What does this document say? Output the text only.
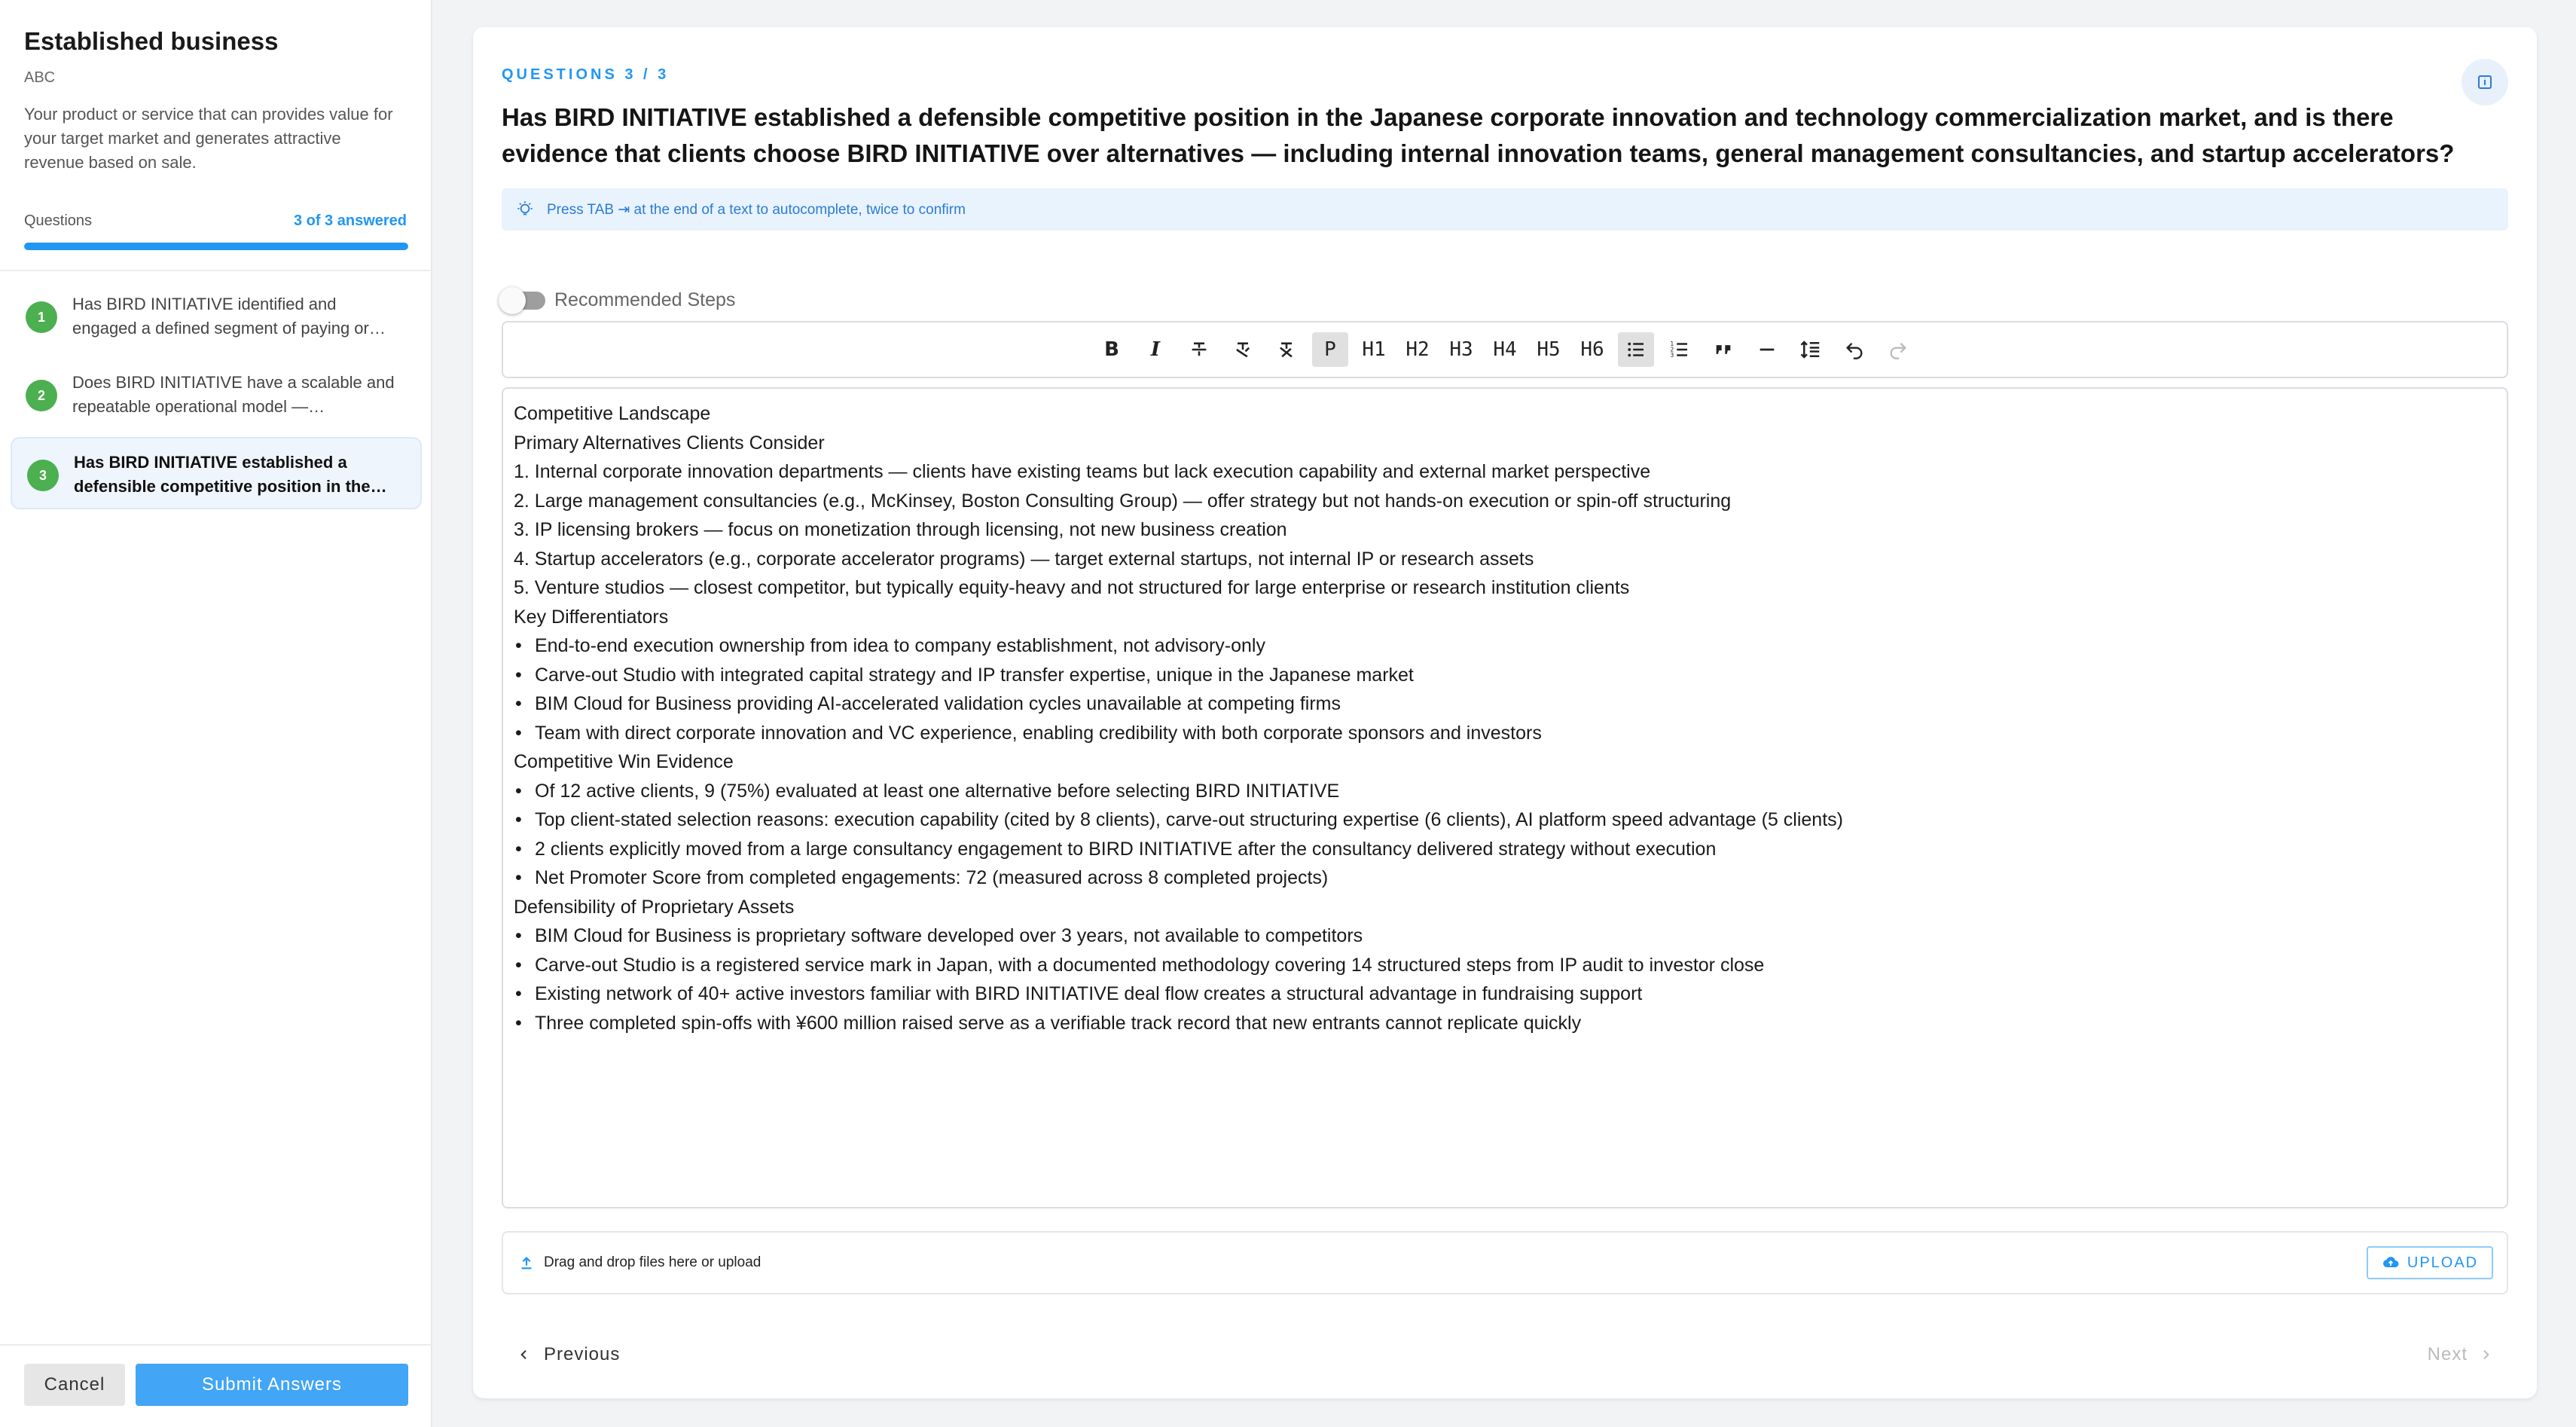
Established business
ABC
Your product or service that can provides value for your target market and generates attractive revenue based on sale.
Questions	3 of 3 answered
1
Has BIRD INITIATIVE identified and engaged a defined segment of paying or…
2
Does BIRD INITIATIVE have a scalable and repeatable operational model —…
3
Has BIRD INITIATIVE established a defensible competitive position in the…
Cancel	Submit Answers
QUESTIONS 3 / 3
Has BIRD INITIATIVE established a defensible competitive position in the Japanese corporate innovation and technology commercialization market, and is there evidence that clients choose BIRD INITIATIVE over alternatives — including internal innovation teams, general management consultancies, and startup accelerators?
Press TAB ⇥ at the end of a text to autocomplete, twice to confirm
Recommended Steps
B	I	P	H1	H2	H3	H4	H5	H6	1
2
3
Competitive Landscape
Primary Alternatives Clients Consider
1. Internal corporate innovation departments — clients have existing teams but lack execution capability and external market perspective
2. Large management consultancies (e.g., McKinsey, Boston Consulting Group) — offer strategy but not hands-on execution or spin-off structuring
3. IP licensing brokers — focus on monetization through licensing, not new business creation
4. Startup accelerators (e.g., corporate accelerator programs) — target external startups, not internal IP or research assets
5. Venture studios — closest competitor, but typically equity-heavy and not structured for large enterprise or research institution clients
Key Differentiators
• End-to-end execution ownership from idea to company establishment, not advisory-only
• Carve-out Studio with integrated capital strategy and IP transfer expertise, unique in the Japanese market
• BIM Cloud for Business providing AI-accelerated validation cycles unavailable at competing firms
• Team with direct corporate innovation and VC experience, enabling credibility with both corporate sponsors and investors
Competitive Win Evidence
• Of 12 active clients, 9 (75%) evaluated at least one alternative before selecting BIRD INITIATIVE
• Top client-stated selection reasons: execution capability (cited by 8 clients), carve-out structuring expertise (6 clients), AI platform speed advantage (5 clients)
• 2 clients explicitly moved from a large consultancy engagement to BIRD INITIATIVE after the consultancy delivered strategy without execution
• Net Promoter Score from completed engagements: 72 (measured across 8 completed projects)
Defensibility of Proprietary Assets
• BIM Cloud for Business is proprietary software developed over 3 years, not available to competitors
• Carve-out Studio is a registered service mark in Japan, with a documented methodology covering 14 structured steps from IP audit to investor close
• Existing network of 40+ active investors familiar with BIRD INITIATIVE deal flow creates a structural advantage in fundraising support
• Three completed spin-offs with ¥600 million raised serve as a verifiable track record that new entrants cannot replicate quickly
Drag and drop files here or upload	UPLOAD
Previous	Next
